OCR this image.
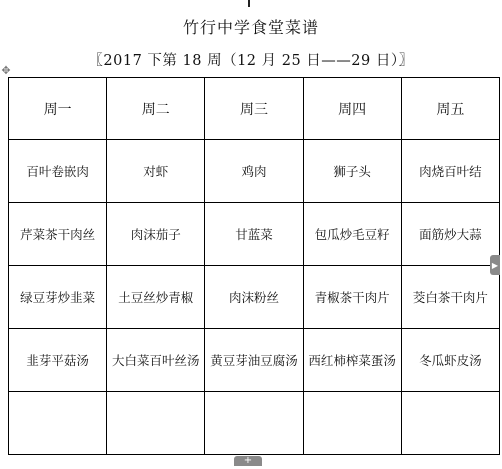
竹行中学食堂菜谱
〖2017 下第 18 周（12 月 25 日——29 日）〗
✥
周一	周二	周三	周四	周五
百叶卷嵌肉	对虾	鸡肉	狮子头	肉烧百叶结
芹菜茶干肉丝	肉沫茄子	甘蓝菜	包瓜炒毛豆籽	面筋炒大蒜
绿豆芽炒韭菜	土豆丝炒青椒	肉沫粉丝	青椒茶干肉片	茭白茶干肉片
韭芽平菇汤	大白菜百叶丝汤	黄豆芽油豆腐汤	西红柿榨菜蛋汤	冬瓜虾皮汤

▶
+
